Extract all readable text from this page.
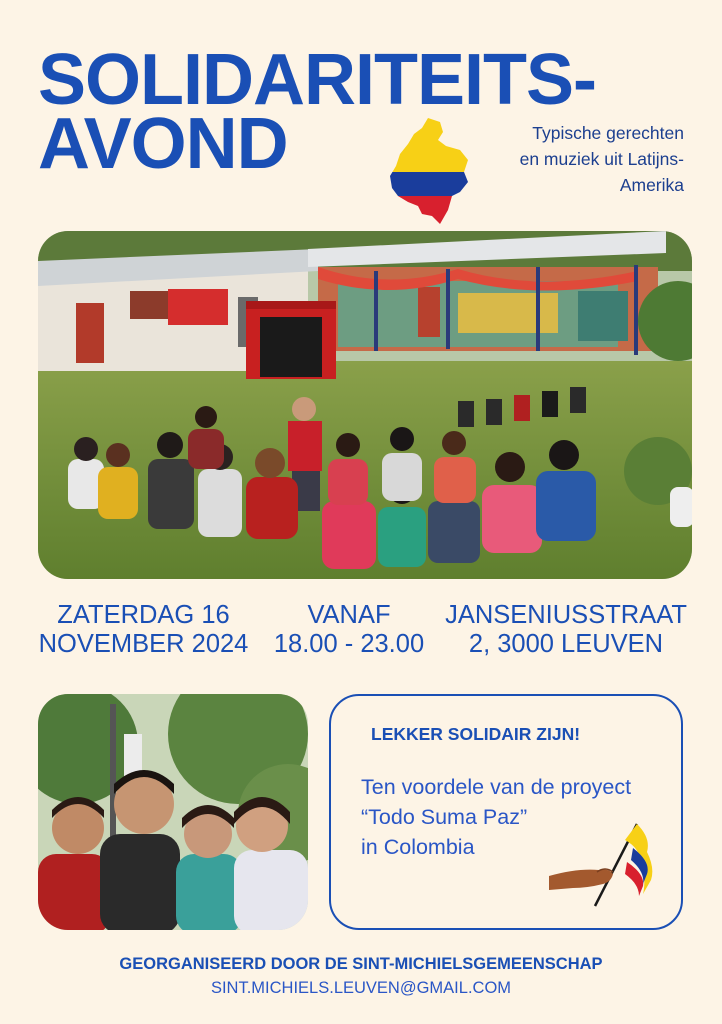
SOLIDARITEITS-
AVOND	Typische gerechten
en muziek uit Latijns-
Amerika
ZATERDAG 16
NOVEMBER 2024
VANAF
18.00 - 23.00
JANSENIUSSTRAAT
2, 3000 LEUVEN
LEKKER SOLIDAIR ZIJN!
Ten voordele van de proyect
“Todo Suma Paz”
in Colombia
GEORGANISEERD DOOR DE SINT-MICHIELSGEMEENSCHAP
SINT.MICHIELS.LEUVEN@GMAIL.COM
